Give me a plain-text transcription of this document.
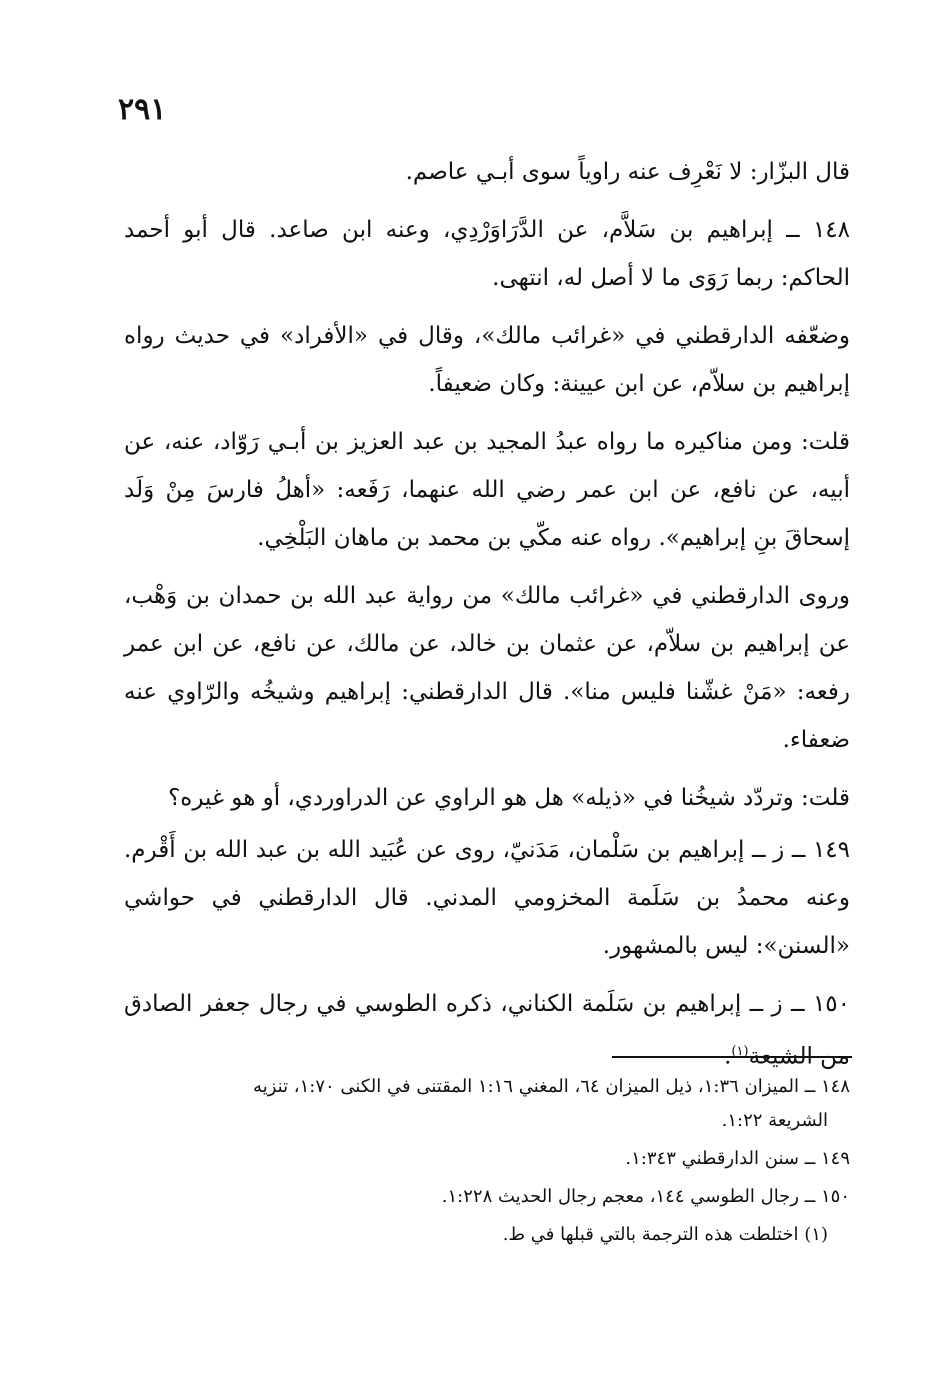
٢٩١

قال البزّار: لا نَعْرِف عنه راوياً سوى أبـي عاصم.

١٤٨ ــ إبراهيم بن سَلاَّم، عن الدَّرَاوَرْدِي، وعنه ابن صاعد. قال أبو أحمد الحاكم: ربما رَوَى ما لا أصل له، انتهى.

وضعّفه الدارقطني في «غرائب مالك»، وقال في «الأفراد» في حديث رواه إبراهيم بن سلاّم، عن ابن عيينة: وكان ضعيفاً.

قلت: ومن مناكيره ما رواه عبدُ المجيد بن عبد العزيز بن أبـي رَوّاد، عنه، عن أبيه، عن نافع، عن ابن عمر رضي الله عنهما، رَفَعه: «أهلُ فارسَ مِنْ وَلَد إسحاقَ بنِ إبراهيم». رواه عنه مكّي بن محمد بن ماهان البَلْخِي.

وروى الدارقطني في «غرائب مالك» من رواية عبد الله بن حمدان بن وَهْب، عن إبراهيم بن سلاّم، عن عثمان بن خالد، عن مالك، عن نافع، عن ابن عمر رفعه: «مَنْ غشّنا فليس منا». قال الدارقطني: إبراهيم وشيخُه والرّاوي عنه ضعفاء.

قلت: وتردّد شيخُنا في «ذيله» هل هو الراوي عن الدراوردي، أو هو غيره؟

١٤٩ ــ ز ــ إبراهيم بن سَلْمان، مَدَنيّ، روى عن عُبَيد الله بن عبد الله بن أَقْرم. وعنه محمدُ بن سَلَمة المخزومي المدني. قال الدارقطني في حواشي «السنن»: ليس بالمشهور.

١٥٠ ــ ز ــ إبراهيم بن سَلَمة الكناني، ذكره الطوسي في رجال جعفر الصادق من الشيعة$^{(١)}$.

١٤٨ ــ الميزان ١:٣٦، ذيل الميزان ٦٤، المغني ١:١٦ المقتنى في الكنى ١:٧٠، تنزيه

الشريعة ١:٢٢.

١٤٩ ــ سنن الدارقطني ١:٣٤٣.

١٥٠ ــ رجال الطوسي ١٤٤، معجم رجال الحديث ١:٢٢٨.

(١) اختلطت هذه الترجمة بالتي قبلها في ط.
